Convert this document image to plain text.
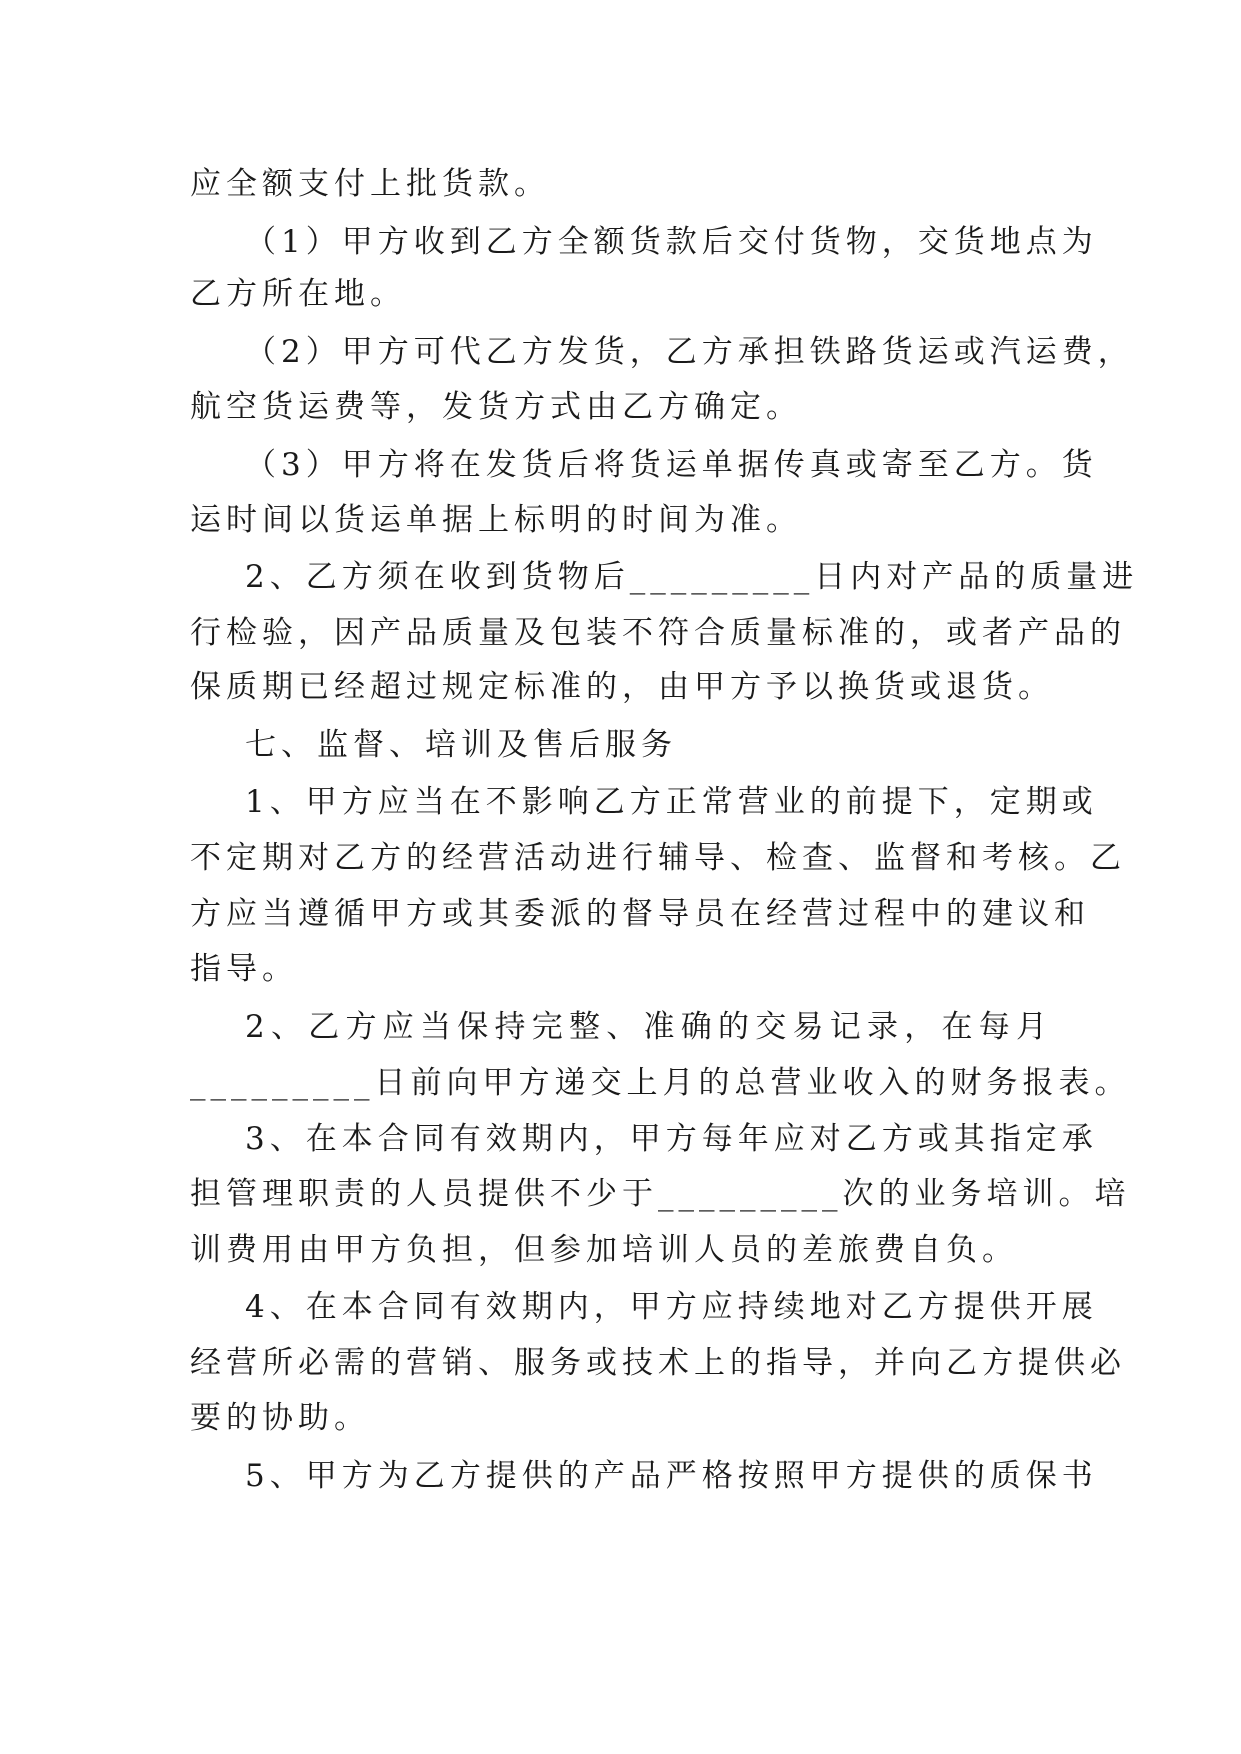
应全额支付上批货款。
（1）甲方收到乙方全额货款后交付货物，交货地点为
乙方所在地。
（2）甲方可代乙方发货，乙方承担铁路货运或汽运费，
航空货运费等，发货方式由乙方确定。
（3）甲方将在发货后将货运单据传真或寄至乙方。货
运时间以货运单据上标明的时间为准。
2、乙方须在收到货物后_________日内对产品的质量进
行检验，因产品质量及包装不符合质量标准的，或者产品的
保质期已经超过规定标准的，由甲方予以换货或退货。
七、监督、培训及售后服务
1、甲方应当在不影响乙方正常营业的前提下，定期或
不定期对乙方的经营活动进行辅导、检查、监督和考核。乙
方应当遵循甲方或其委派的督导员在经营过程中的建议和
指导。
2、乙方应当保持完整、准确的交易记录，在每月
_________日前向甲方递交上月的总营业收入的财务报表。
3、在本合同有效期内，甲方每年应对乙方或其指定承
担管理职责的人员提供不少于_________次的业务培训。培
训费用由甲方负担，但参加培训人员的差旅费自负。
4、在本合同有效期内，甲方应持续地对乙方提供开展
经营所必需的营销、服务或技术上的指导，并向乙方提供必
要的协助。
5、甲方为乙方提供的产品严格按照甲方提供的质保书
